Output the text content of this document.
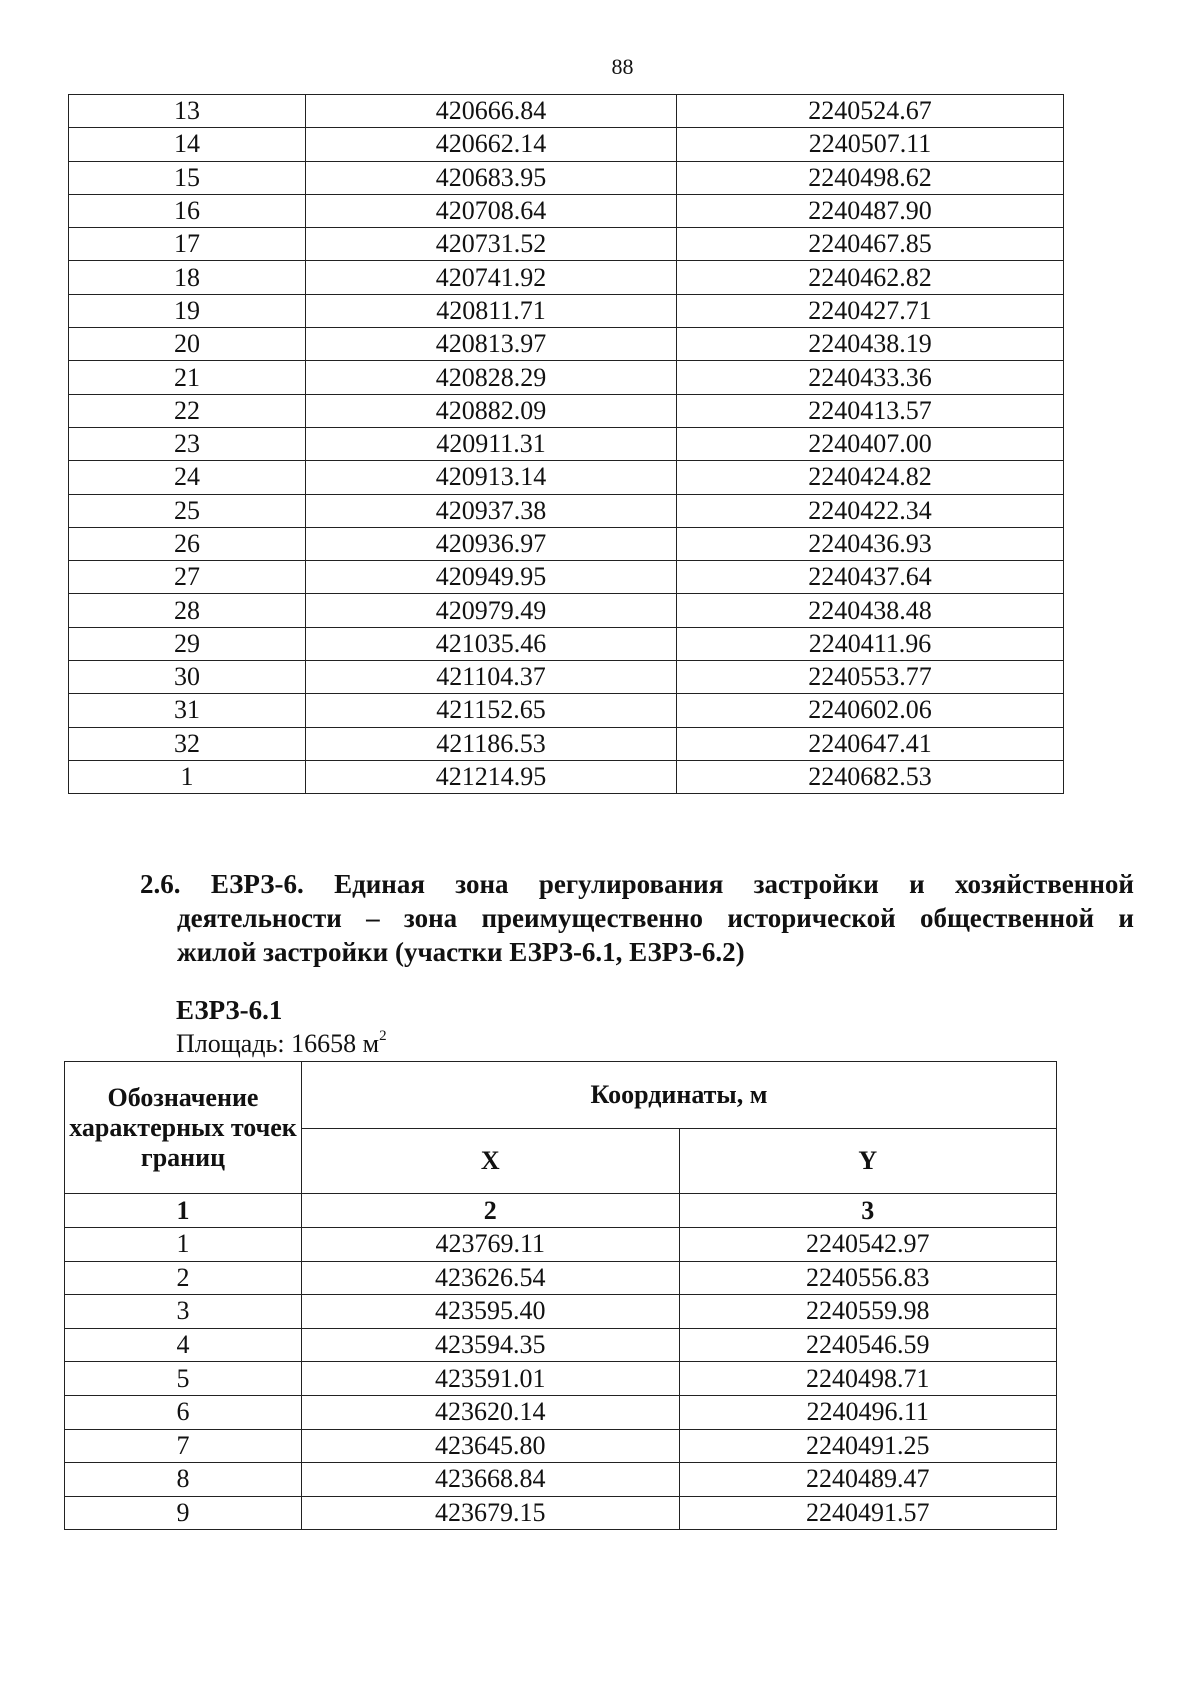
88
13	420666.84	2240524.67
14	420662.14	2240507.11
15	420683.95	2240498.62
16	420708.64	2240487.90
17	420731.52	2240467.85
18	420741.92	2240462.82
19	420811.71	2240427.71
20	420813.97	2240438.19
21	420828.29	2240433.36
22	420882.09	2240413.57
23	420911.31	2240407.00
24	420913.14	2240424.82
25	420937.38	2240422.34
26	420936.97	2240436.93
27	420949.95	2240437.64
28	420979.49	2240438.48
29	421035.46	2240411.96
30	421104.37	2240553.77
31	421152.65	2240602.06
32	421186.53	2240647.41
1	421214.95	2240682.53
2.6. ЕЗРЗ-6. Единая зона регулирования застройки и хозяйственной
деятельности – зона преимущественно исторической общественной и
жилой застройки (участки ЕЗРЗ-6.1, ЕЗРЗ-6.2)
ЕЗРЗ-6.1
Площадь: 16658 $м^2$
Обозначение характерных точек границ	Координаты, м	
	X	Y
1	2	3
1	423769.11	2240542.97
2	423626.54	2240556.83
3	423595.40	2240559.98
4	423594.35	2240546.59
5	423591.01	2240498.71
6	423620.14	2240496.11
7	423645.80	2240491.25
8	423668.84	2240489.47
9	423679.15	2240491.57
